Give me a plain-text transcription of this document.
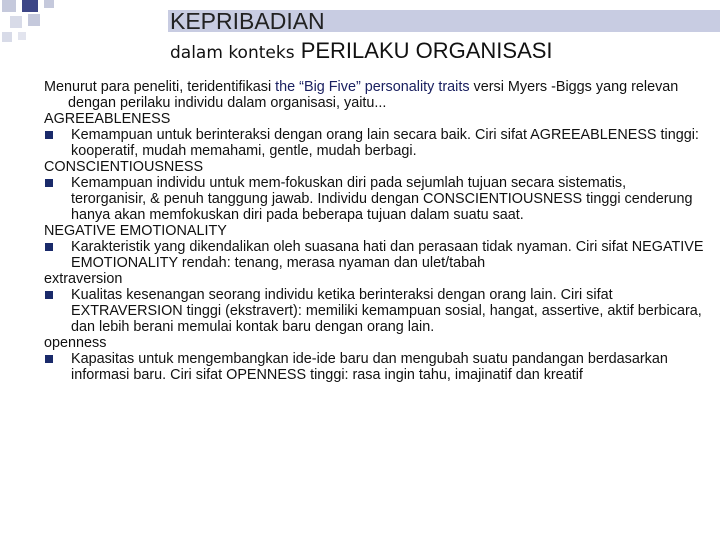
KEPRIBADIAN
dalam konteks PERILAKU ORGANISASI

Menurut para peneliti, teridentifikasi the “Big Five” personality traits versi Myers -Biggs yang relevan dengan perilaku individu dalam organisasi, yaitu...

AGREEABLENESS

Kemampuan untuk berinteraksi dengan orang lain secara baik. Ciri sifat AGREEABLENESS tinggi: kooperatif, mudah memahami, gentle, mudah berbagi.

CONSCIENTIOUSNESS

Kemampuan individu untuk mem-fokuskan diri pada sejumlah tujuan secara sistematis, terorganisir, & penuh tanggung jawab. Individu dengan CONSCIENTIOUSNESS tinggi cenderung hanya akan memfokuskan diri pada beberapa tujuan dalam suatu saat.

NEGATIVE EMOTIONALITY

Karakteristik yang dikendalikan oleh suasana hati dan perasaan tidak nyaman. Ciri sifat NEGATIVE EMOTIONALITY rendah: tenang, merasa nyaman dan ulet/tabah

extraversion

Kualitas kesenangan seorang individu ketika berinteraksi dengan orang lain. Ciri sifat EXTRAVERSION tinggi (ekstravert): memiliki kemampuan sosial, hangat, assertive, aktif berbicara, dan lebih berani memulai kontak baru dengan orang lain.

openness

Kapasitas untuk mengembangkan ide-ide baru dan mengubah suatu pandangan berdasarkan informasi baru. Ciri sifat OPENNESS tinggi: rasa ingin tahu, imajinatif dan kreatif
